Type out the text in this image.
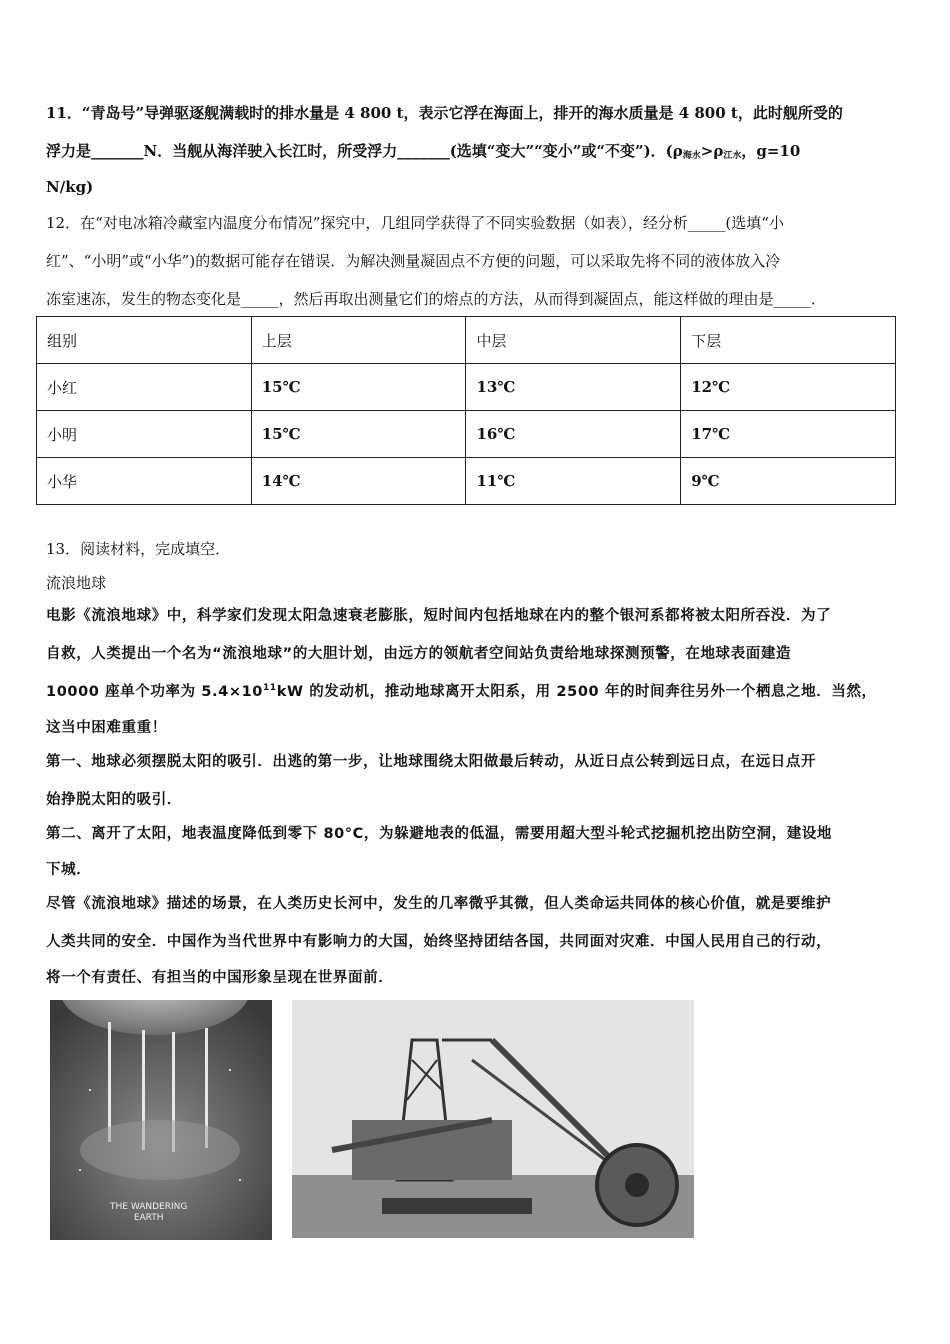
11．“青岛号”导弹驱逐舰满载时的排水量是 4 800 t，表示它浮在海面上，排开的海水质量是 4 800 t，此时舰所受的
浮力是_______N．当舰从海洋驶入长江时，所受浮力_______(选填“变大”“变小”或“不变”)．($\rho_{海水}>\rho_{江水}$，g=10
N/kg)
12．在“对电冰箱冷藏室内温度分布情况”探究中，几组同学获得了不同实验数据（如表），经分析_____(选填“小
红”、“小明”或“小华”)的数据可能存在错误．为解决测量凝固点不方便的问题，可以采取先将不同的液体放入冷
冻室速冻，发生的物态变化是_____，然后再取出测量它们的熔点的方法，从而得到凝固点，能这样做的理由是_____．
组别	上层	中层	下层
小红	15℃	13℃	12℃
小明	15℃	16℃	17℃
小华	14℃	11℃	9℃
13．阅读材料，完成填空．
流浪地球
电影《流浪地球》中，科学家们发现太阳急速衰老膨胀，短时间内包括地球在内的整个银河系都将被太阳所吞没．为了
自救，人类提出一个名为“流浪地球”的大胆计划，由远方的领航者空间站负责给地球探测预警，在地球表面建造
10000 座单个功率为 $5.4\times 10^{11}kW$ 的发动机，推动地球离开太阳系，用 2500 年的时间奔往另外一个栖息之地．当然，
这当中困难重重！
第一、地球必须摆脱太阳的吸引．出逃的第一步，让地球围绕太阳做最后转动，从近日点公转到远日点，在远日点开
始挣脱太阳的吸引．
第二、离开了太阳，地表温度降低到零下 80°C，为躲避地表的低温，需要用超大型斗轮式挖掘机挖出防空洞，建设地
下城．
尽管《流浪地球》描述的场景，在人类历史长河中，发生的几率微乎其微，但人类命运共同体的核心价值，就是要维护
人类共同的安全．中国作为当代世界中有影响力的大国，始终坚持团结各国，共同面对灾难．中国人民用自己的行动，
将一个有责任、有担当的中国形象呈现在世界面前．
THE WANDERING
EARTH
